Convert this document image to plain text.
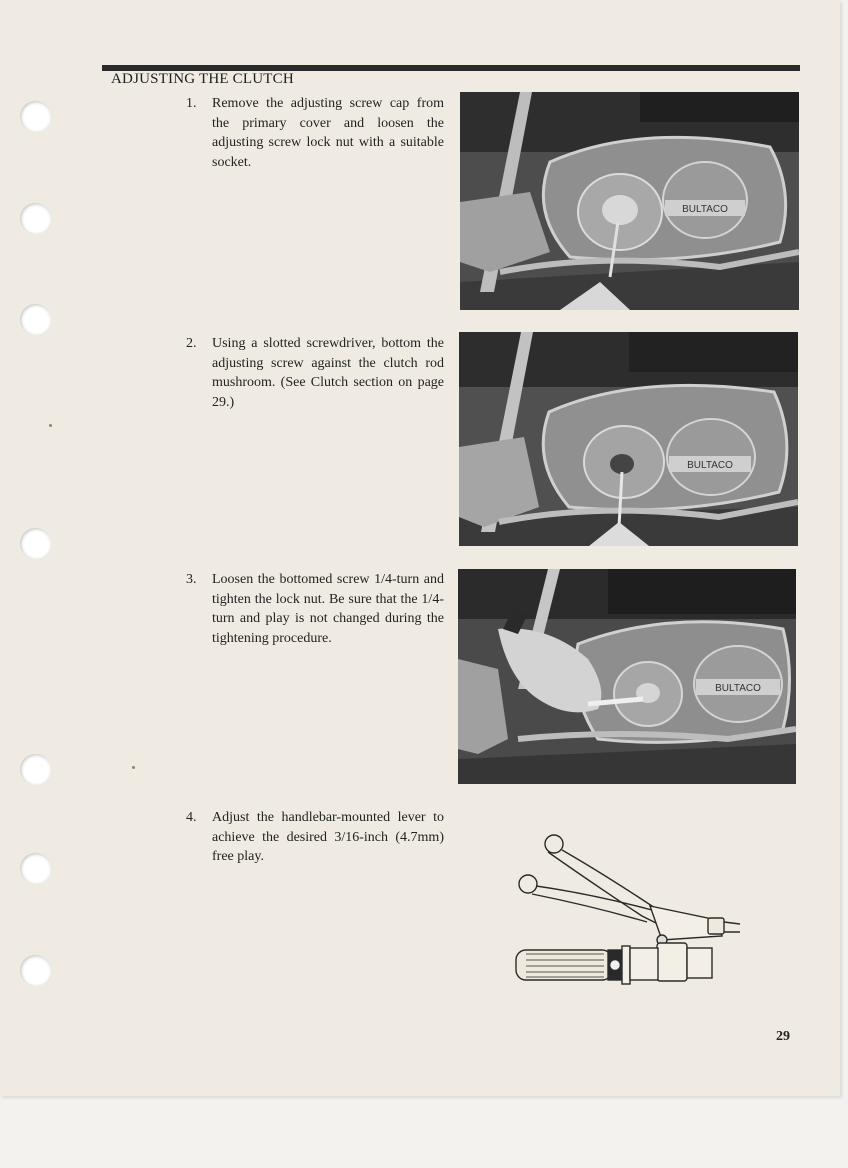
ADJUSTING THE CLUTCH
1. Remove the adjusting screw cap from the primary cover and loosen the adjusting screw lock nut with a suitable socket.
BULTACO
2. Using a slotted screwdriver, bottom the adjusting screw against the clutch rod mushroom. (See Clutch section on page 29.)
BULTACO
3. Loosen the bottomed screw 1/4-turn and tighten the lock nut. Be sure that the 1/4-turn and play is not changed during the tightening procedure.
BULTACO
4. Adjust the handlebar-mounted lever to achieve the desired 3/16-inch (4.7mm) free play.
29
